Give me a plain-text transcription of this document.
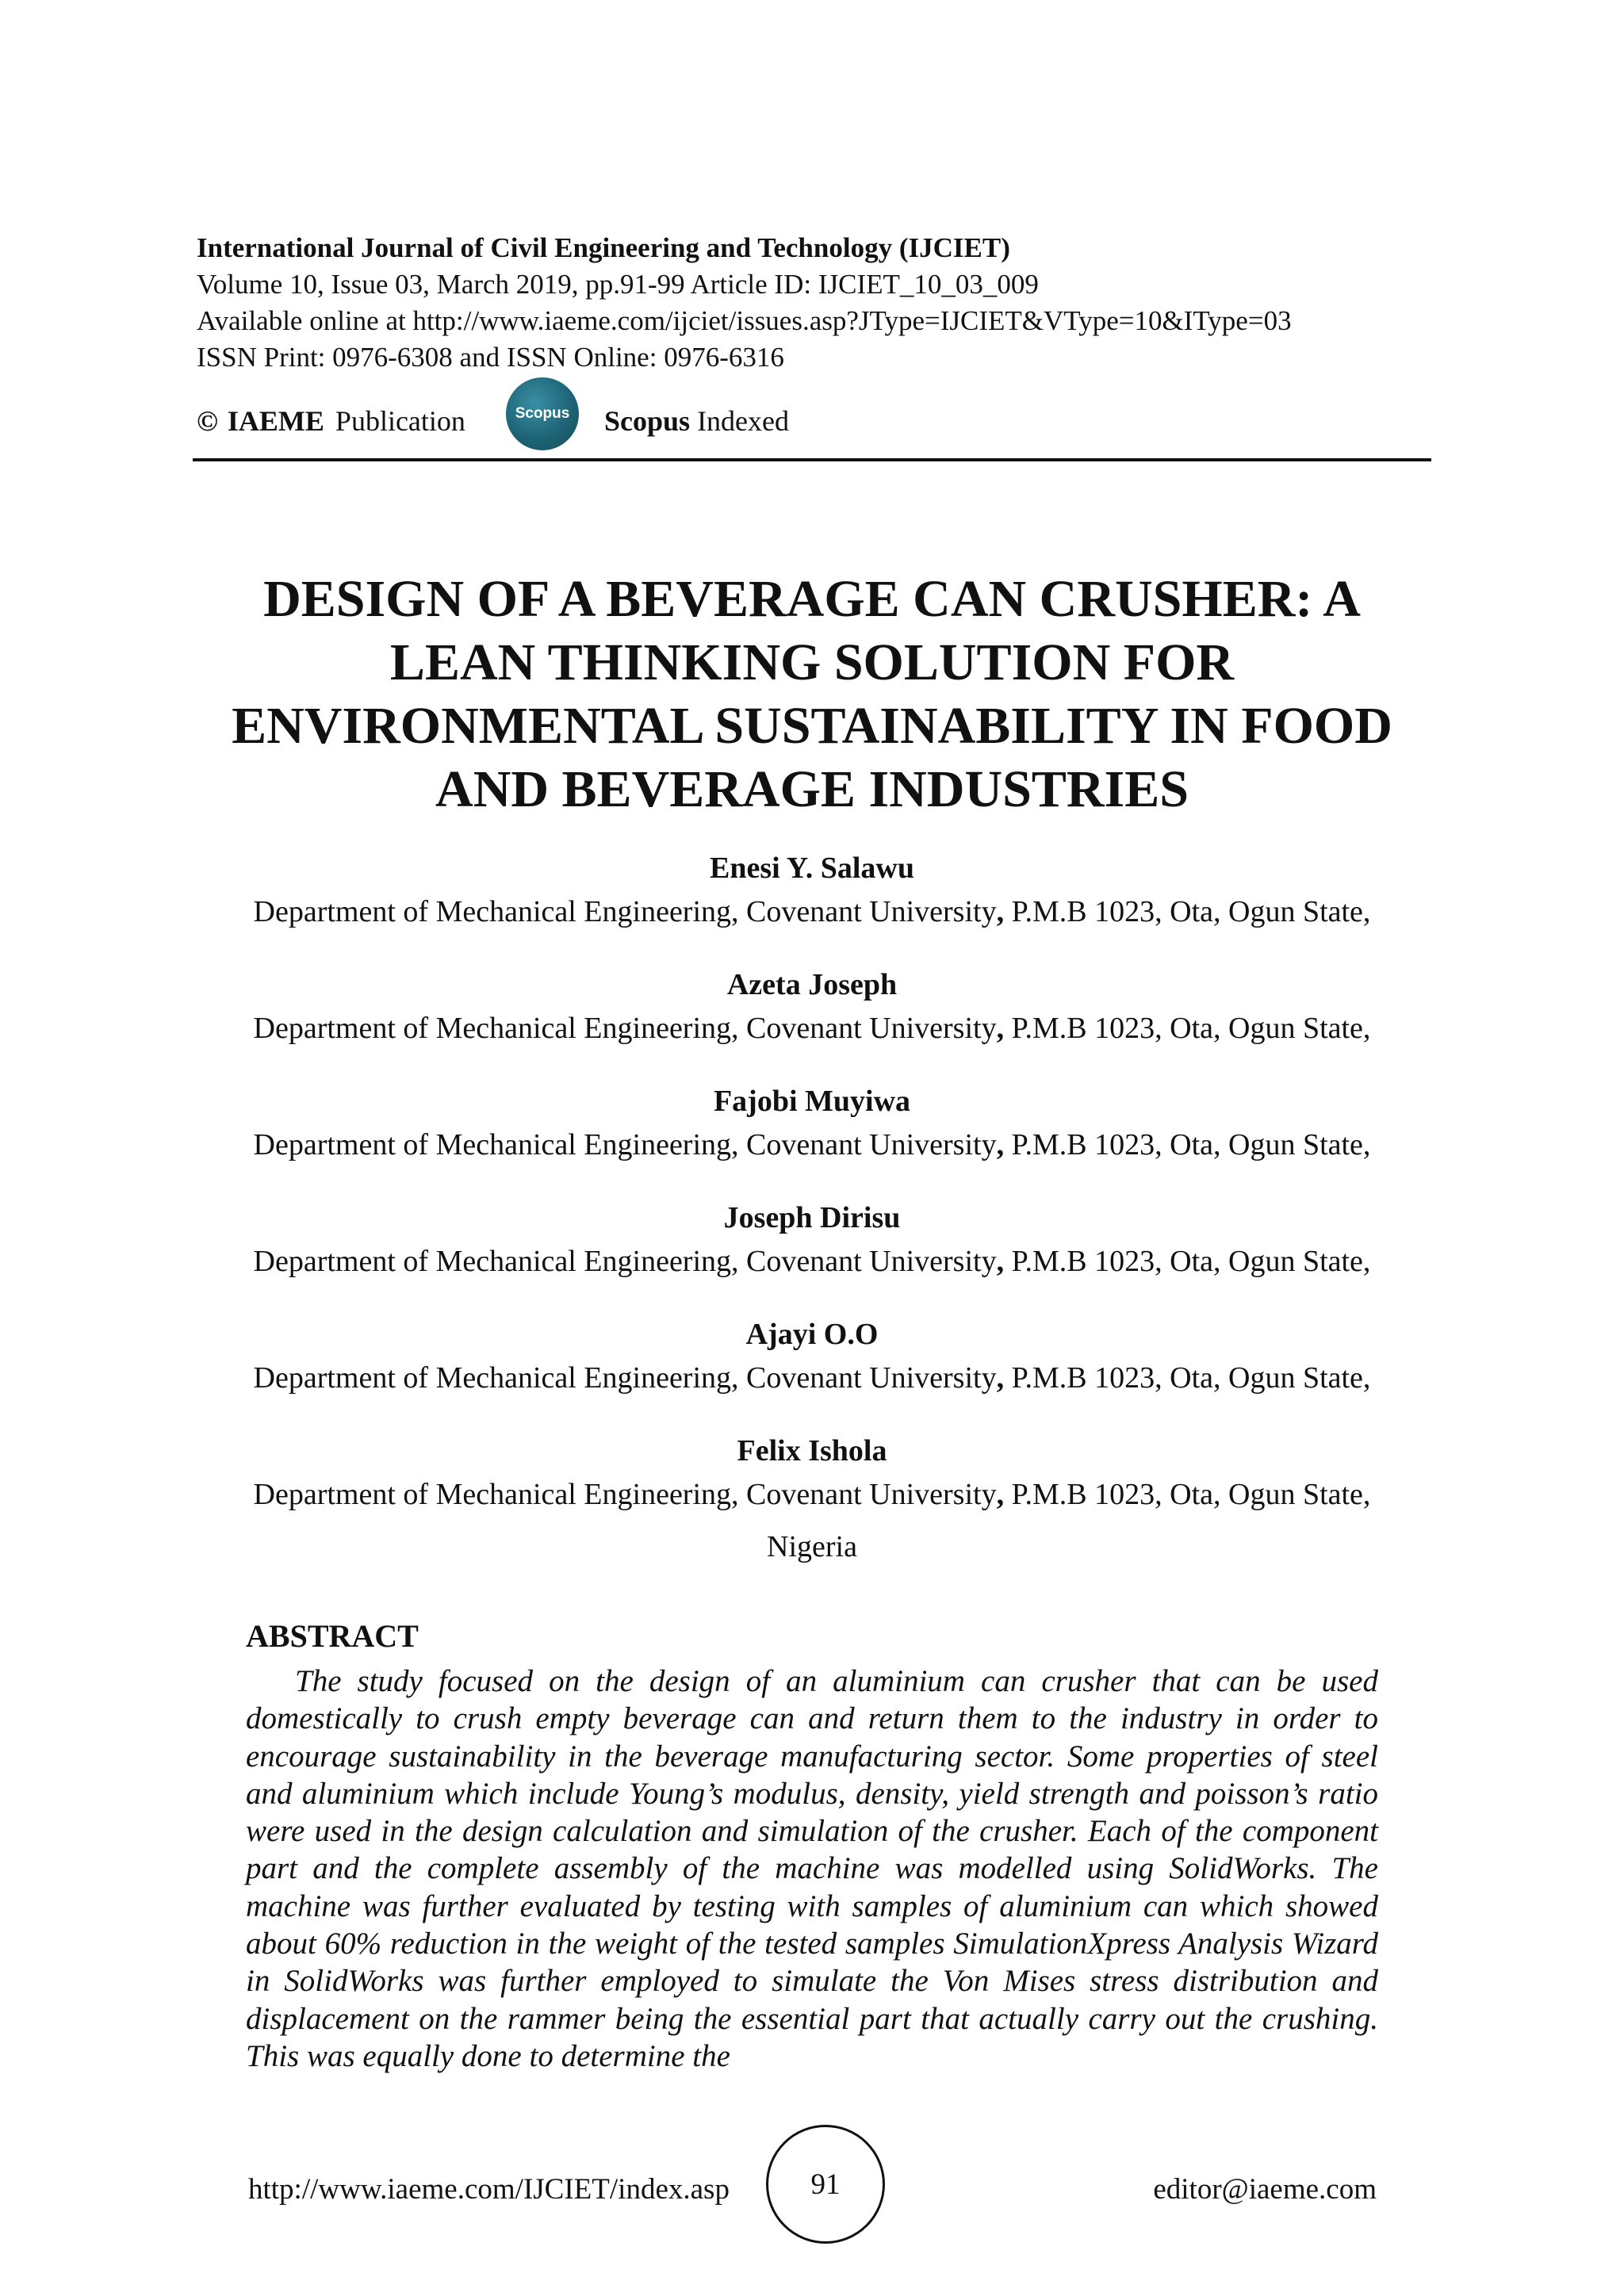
International Journal of Civil Engineering and Technology (IJCIET)
Volume 10, Issue 03, March 2019, pp.91-99 Article ID: IJCIET_10_03_009
Available online at http://www.iaeme.com/ijciet/issues.asp?JType=IJCIET&VType=10&IType=03
ISSN Print: 0976-6308 and ISSN Online: 0976-6316
© IAEME Publication	Scopus Scopus Indexed
DESIGN OF A BEVERAGE CAN CRUSHER: A
LEAN THINKING SOLUTION FOR
ENVIRONMENTAL SUSTAINABILITY IN FOOD
AND BEVERAGE INDUSTRIES
Enesi Y. Salawu
Department of Mechanical Engineering, Covenant University, P.M.B 1023, Ota, Ogun State,
Azeta Joseph
Department of Mechanical Engineering, Covenant University, P.M.B 1023, Ota, Ogun State,
Fajobi Muyiwa
Department of Mechanical Engineering, Covenant University, P.M.B 1023, Ota, Ogun State,
Joseph Dirisu
Department of Mechanical Engineering, Covenant University, P.M.B 1023, Ota, Ogun State,
Ajayi O.O
Department of Mechanical Engineering, Covenant University, P.M.B 1023, Ota, Ogun State,
Felix Ishola
Department of Mechanical Engineering, Covenant University, P.M.B 1023, Ota, Ogun State,
Nigeria
ABSTRACT

The study focused on the design of an aluminium can crusher that can be used domestically to crush empty beverage can and return them to the industry in order to encourage sustainability in the beverage manufacturing sector. Some properties of steel and aluminium which include Young’s modulus, density, yield strength and poisson’s ratio were used in the design calculation and simulation of the crusher. Each of the component part and the complete assembly of the machine was modelled using SolidWorks. The machine was further evaluated by testing with samples of aluminium can which showed about 60% reduction in the weight of the tested samples SimulationXpress Analysis Wizard in SolidWorks was further employed to simulate the Von Mises stress distribution and displacement on the rammer being the essential part that actually carry out the crushing. This was equally done to determine the

http://www.iaeme.com/IJCIET/index.asp	91	editor@iaeme.com
